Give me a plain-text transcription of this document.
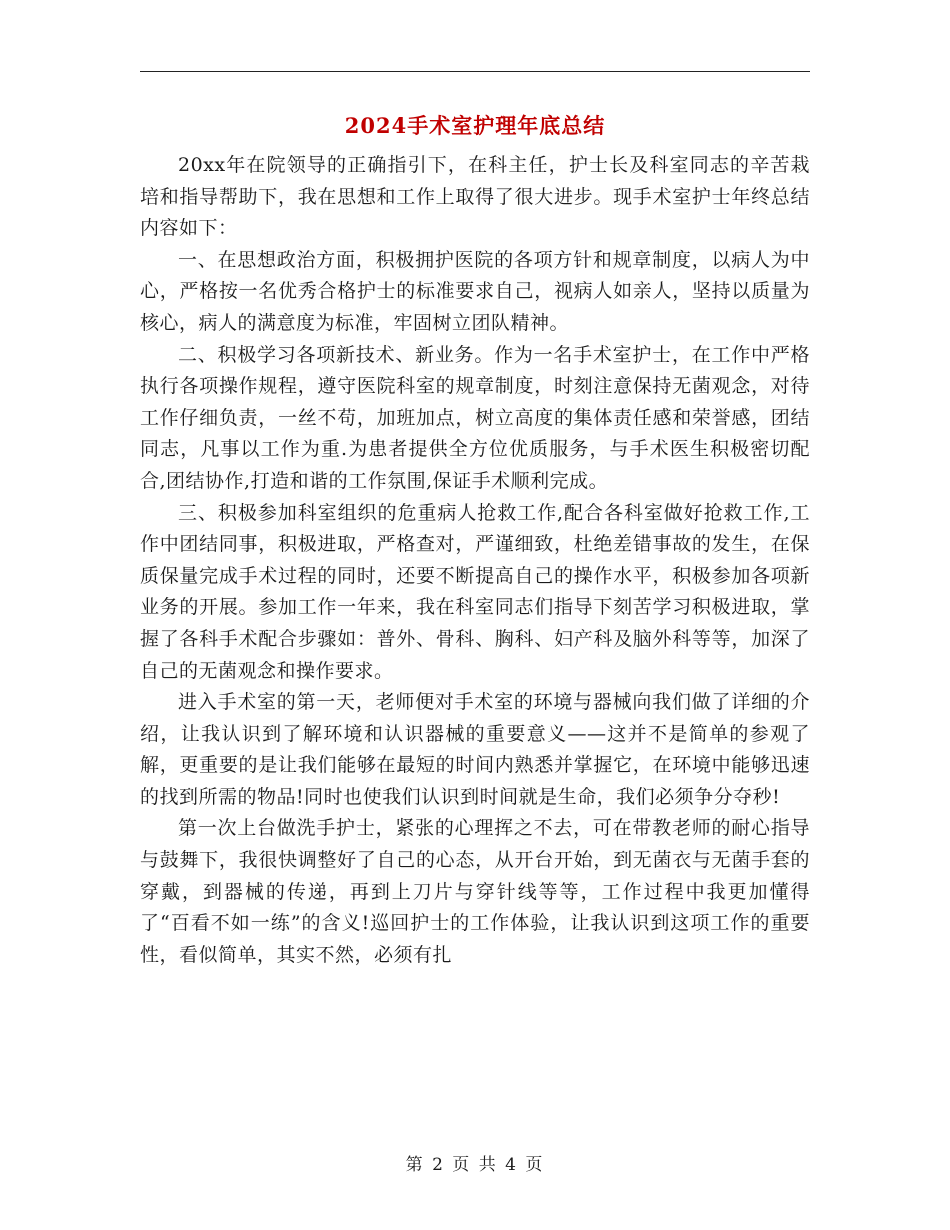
2024手术室护理年底总结

20xx年在院领导的正确指引下，在科主任，护士长及科室同志的辛苦栽培和指导帮助下，我在思想和工作上取得了很大进步。现手术室护士年终总结内容如下：

一、在思想政治方面，积极拥护医院的各项方针和规章制度，以病人为中心，严格按一名优秀合格护士的标准要求自己，视病人如亲人，坚持以质量为核心，病人的满意度为标准，牢固树立团队精神。

二、积极学习各项新技术、新业务。作为一名手术室护士，在工作中严格执行各项操作规程，遵守医院科室的规章制度，时刻注意保持无菌观念，对待工作仔细负责，一丝不苟，加班加点，树立高度的集体责任感和荣誉感，团结同志，凡事以工作为重.为患者提供全方位优质服务，与手术医生积极密切配合,团结协作,打造和谐的工作氛围,保证手术顺利完成。

三、积极参加科室组织的危重病人抢救工作,配合各科室做好抢救工作,工作中团结同事，积极进取，严格查对，严谨细致，杜绝差错事故的发生，在保质保量完成手术过程的同时，还要不断提高自己的操作水平，积极参加各项新业务的开展。参加工作一年来，我在科室同志们指导下刻苦学习积极进取，掌握了各科手术配合步骤如：普外、骨科、胸科、妇产科及脑外科等等，加深了自己的无菌观念和操作要求。

进入手术室的第一天，老师便对手术室的环境与器械向我们做了详细的介绍，让我认识到了解环境和认识器械的重要意义——这并不是简单的参观了解，更重要的是让我们能够在最短的时间内熟悉并掌握它，在环境中能够迅速的找到所需的物品!同时也使我们认识到时间就是生命，我们必须争分夺秒!

第一次上台做洗手护士，紧张的心理挥之不去，可在带教老师的耐心指导与鼓舞下，我很快调整好了自己的心态，从开台开始，到无菌衣与无菌手套的穿戴，到器械的传递，再到上刀片与穿针线等等，工作过程中我更加懂得了“百看不如一练”的含义!巡回护士的工作体验，让我认识到这项工作的重要性，看似简单，其实不然，必须有扎

第 2 页 共 4 页
